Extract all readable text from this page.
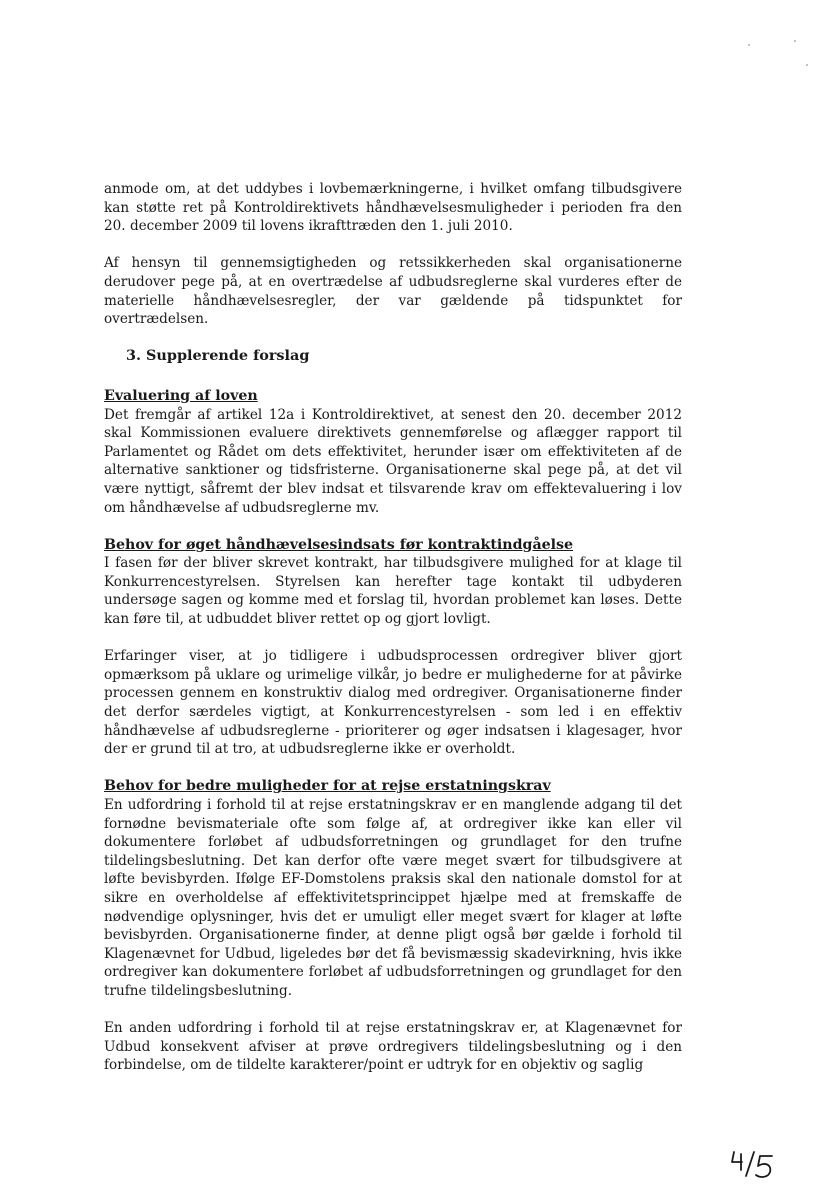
anmode om, at det uddybes i lovbemærkningerne, i hvilket omfang tilbudsgivere kan støtte ret på Kontroldirektivets håndhævelsesmuligheder i perioden fra den 20. december 2009 til lovens ikrafttræden den 1. juli 2010.

Af hensyn til gennemsigtigheden og retssikkerheden skal organisationerne derudover pege på, at en overtrædelse af udbudsreglerne skal vurderes efter de materielle håndhævelsesregler, der var gældende på tidspunktet for overtrædelsen.

3. Supplerende forslag
Evaluering af loven

Det fremgår af artikel 12a i Kontroldirektivet, at senest den 20. december 2012 skal Kommissionen evaluere direktivets gennemførelse og aflægger rapport til Parlamentet og Rådet om dets effektivitet, herunder især om effektiviteten af de alternative sanktioner og tidsfristerne. Organisationerne skal pege på, at det vil være nyttigt, såfremt der blev indsat et tilsvarende krav om effektevaluering i lov om håndhævelse af udbudsreglerne mv.

Behov for øget håndhævelsesindsats før kontraktindgåelse

I fasen før der bliver skrevet kontrakt, har tilbudsgivere mulighed for at klage til Konkurrencestyrelsen. Styrelsen kan herefter tage kontakt til udbyderen undersøge sagen og komme med et forslag til, hvordan problemet kan løses. Dette kan føre til, at udbuddet bliver rettet op og gjort lovligt.

Erfaringer viser, at jo tidligere i udbudsprocessen ordregiver bliver gjort opmærksom på uklare og urimelige vilkår, jo bedre er mulighederne for at påvirke processen gennem en konstruktiv dialog med ordregiver. Organisationerne finder det derfor særdeles vigtigt, at Konkurrencestyrelsen - som led i en effektiv håndhævelse af udbudsreglerne - prioriterer og øger indsatsen i klagesager, hvor der er grund til at tro, at udbudsreglerne ikke er overholdt.

Behov for bedre muligheder for at rejse erstatningskrav

En udfordring i forhold til at rejse erstatningskrav er en manglende adgang til det fornødne bevismateriale ofte som følge af, at ordregiver ikke kan eller vil dokumentere forløbet af udbudsforretningen og grundlaget for den trufne tildelingsbeslutning. Det kan derfor ofte være meget svært for tilbudsgivere at løfte bevisbyrden. Ifølge EF-Domstolens praksis skal den nationale domstol for at sikre en overholdelse af effektivitetsprincippet hjælpe med at fremskaffe de nødvendige oplysninger, hvis det er umuligt eller meget svært for klager at løfte bevisbyrden. Organisationerne finder, at denne pligt også bør gælde i forhold til Klagenævnet for Udbud, ligeledes bør det få bevismæssig skadevirkning, hvis ikke ordregiver kan dokumentere forløbet af udbudsforretningen og grundlaget for den trufne tildelingsbeslutning.

En anden udfordring i forhold til at rejse erstatningskrav er, at Klagenævnet for Udbud konsekvent afviser at prøve ordregivers tildelingsbeslutning og i den forbindelse, om de tildelte karakterer/point er udtryk for en objektiv og saglig
